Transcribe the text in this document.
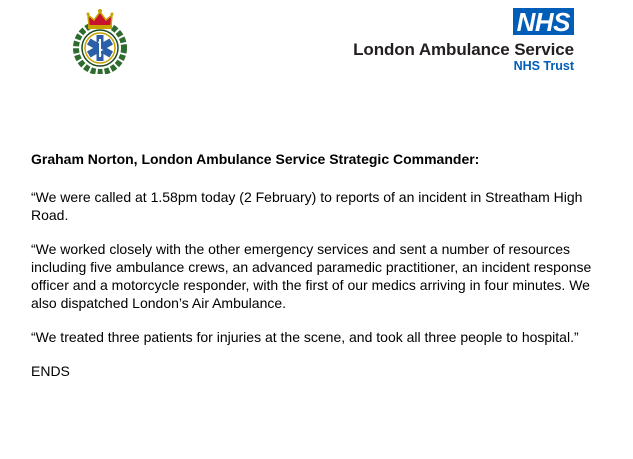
NHS
London Ambulance Service
NHS Trust

Graham Norton, London Ambulance Service Strategic Commander:

“We were called at 1.58pm today (2 February) to reports of an incident in Streatham High Road.

“We worked closely with the other emergency services and sent a number of resources including five ambulance crews, an advanced paramedic practitioner, an incident response officer and a motorcycle responder, with the first of our medics arriving in four minutes. We also dispatched London’s Air Ambulance.

“We treated three patients for injuries at the scene, and took all three people to hospital.”

ENDS
